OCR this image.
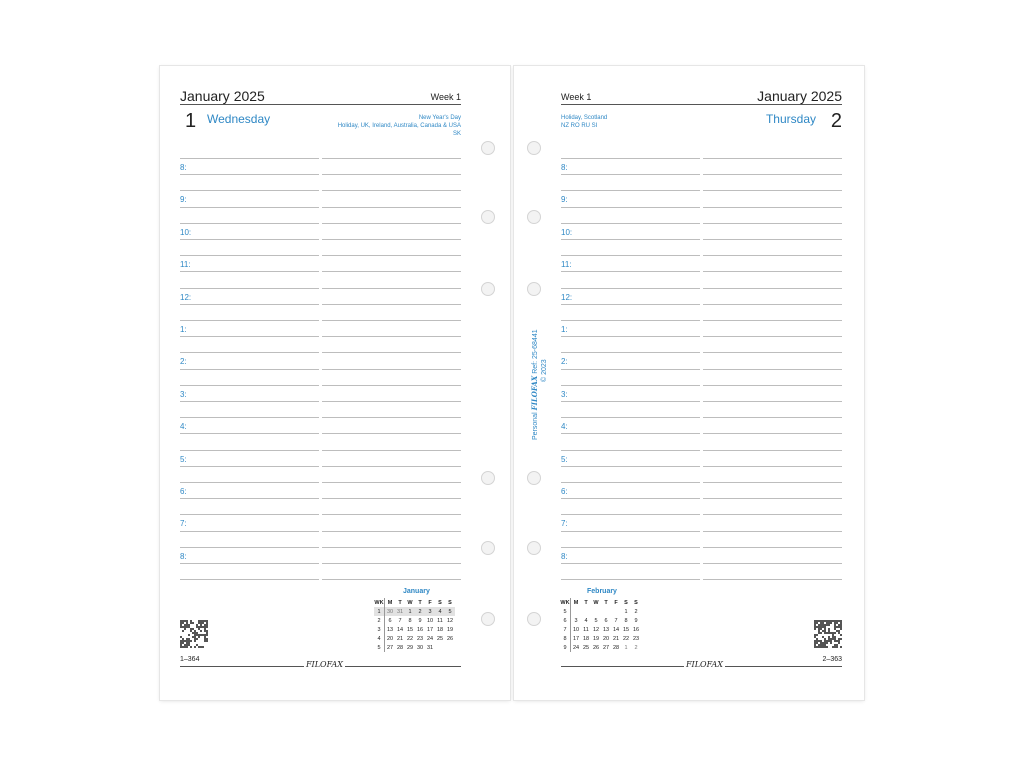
January 2025	Week 1
1 Wednesday	New Year's Day
Holiday, UK, Ireland, Australia, Canada & USA
SK
8:
9:
10:
11:
12:
1:
2:
3:
4:
5:
6:
7:
8:
Week 1	January 2025
Holiday, Scotland
NZ RO RU SI	Thursday 2
8:
9:
10:
11:
12:
1:
2:
3:
4:
5:
6:
7:
8:
Personal FILOFAX Ref: 25-68441 © 2023
January
WK	M	T	W	T	F	S	S
1	30	31	1	2	3	4	5
2	6	7	8	9	10	11	12
3	13	14	15	16	17	18	19
4	20	21	22	23	24	25	26
5	27	28	29	30	31		
February
WK	M	T	W	T	F	S	S
5						1	2
6	3	4	5	6	7	8	9
7	10	11	12	13	14	15	16
8	17	18	19	20	21	22	23
9	24	25	26	27	28	1	2
1–364
FILOFAX
2–363
FILOFAX
